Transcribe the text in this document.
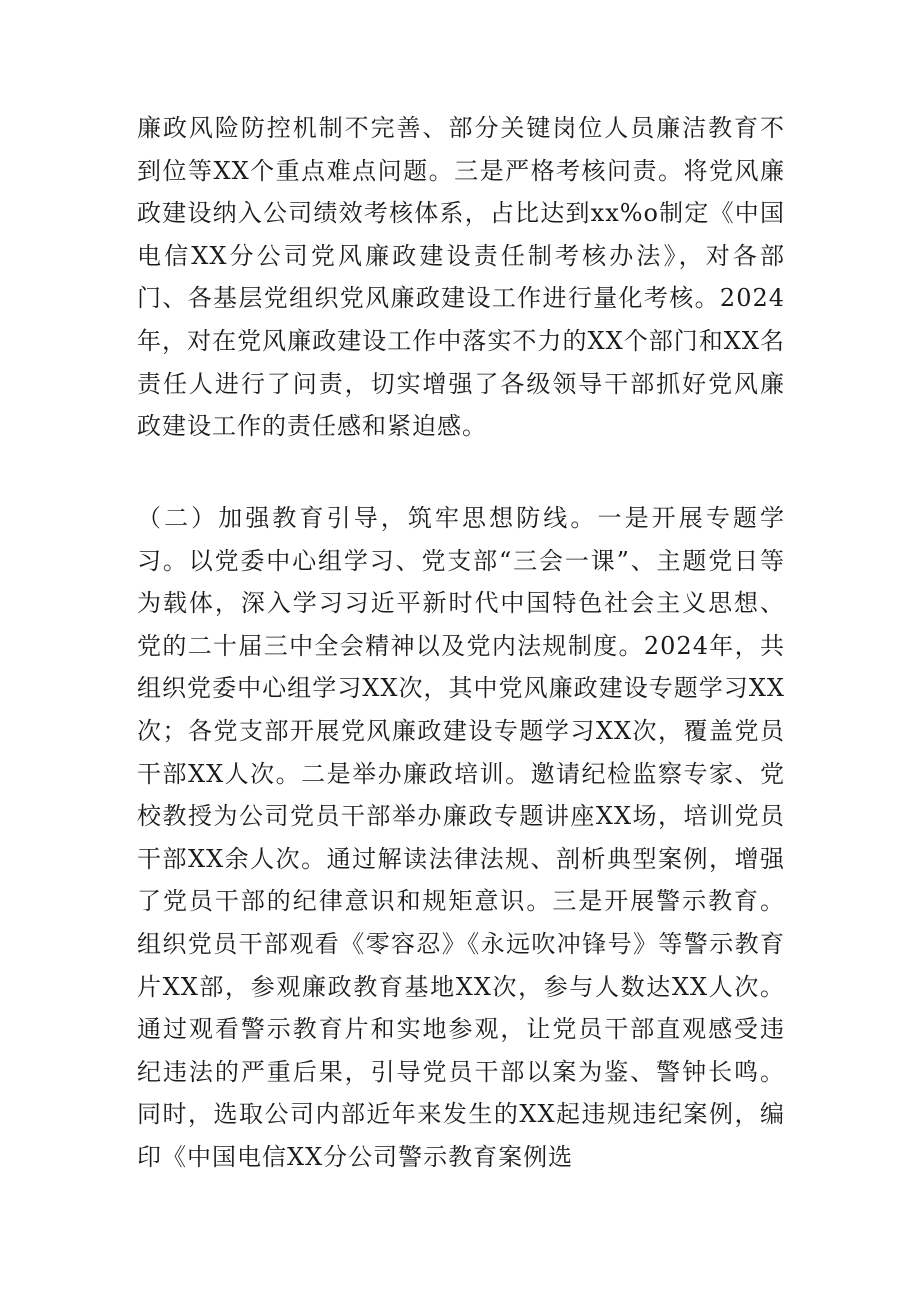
廉政风险防控机制不完善、部分关键岗位人员廉洁教育不到位等XX个重点难点问题。三是严格考核问责。将党风廉政建设纳入公司绩效考核体系，占比达到xx%o制定《中国电信XX分公司党风廉政建设责任制考核办法》，对各部门、各基层党组织党风廉政建设工作进行量化考核。2024年，对在党风廉政建设工作中落实不力的XX个部门和XX名责任人进行了问责，切实增强了各级领导干部抓好党风廉政建设工作的责任感和紧迫感。

（二）加强教育引导，筑牢思想防线。一是开展专题学习。以党委中心组学习、党支部“三会一课”、主题党日等为载体，深入学习习近平新时代中国特色社会主义思想、党的二十届三中全会精神以及党内法规制度。2024年，共组织党委中心组学习XX次，其中党风廉政建设专题学习XX次；各党支部开展党风廉政建设专题学习XX次，覆盖党员干部XX人次。二是举办廉政培训。邀请纪检监察专家、党校教授为公司党员干部举办廉政专题讲座XX场，培训党员干部XX余人次。通过解读法律法规、剖析典型案例，增强了党员干部的纪律意识和规矩意识。三是开展警示教育。组织党员干部观看《零容忍》《永远吹冲锋号》等警示教育片XX部，参观廉政教育基地XX次，参与人数达XX人次。通过观看警示教育片和实地参观，让党员干部直观感受违纪违法的严重后果，引导党员干部以案为鉴、警钟长鸣。同时，选取公司内部近年来发生的XX起违规违纪案例，编印《中国电信XX分公司警示教育案例选
